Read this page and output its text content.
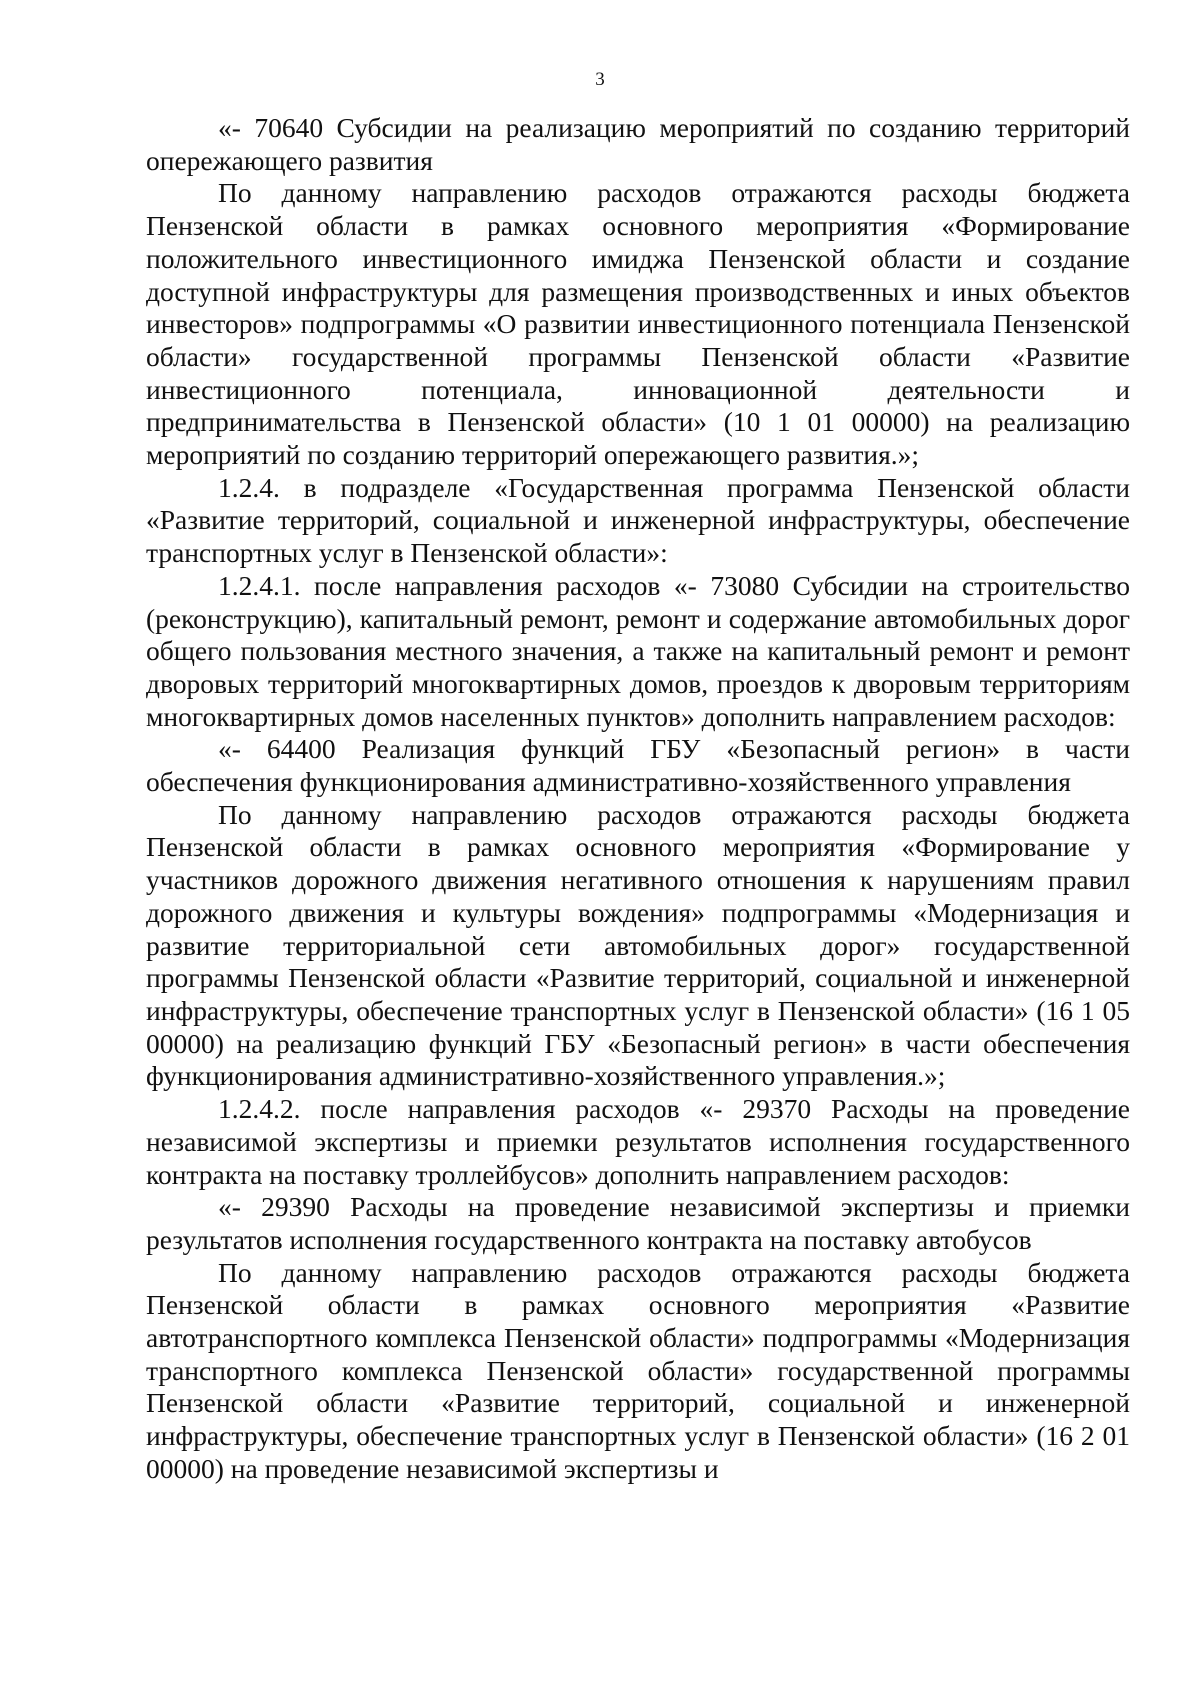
3

«- 70640 Субсидии на реализацию мероприятий по созданию территорий опережающего развития

По данному направлению расходов отражаются расходы бюджета Пензенской области в рамках основного мероприятия «Формирование положительного инвестиционного имиджа Пензенской области и создание доступной инфраструктуры для размещения производственных и иных объектов инвесторов» подпрограммы «О развитии инвестиционного потенциала Пензенской области» государственной программы Пензенской области «Развитие инвестиционного потенциала, инновационной деятельности и предпринимательства в Пензенской области» (10 1 01 00000) на реализацию мероприятий по созданию территорий опережающего развития.»;

1.2.4. в подразделе «Государственная программа Пензенской области «Развитие территорий, социальной и инженерной инфраструктуры, обеспечение транспортных услуг в Пензенской области»:

1.2.4.1. после направления расходов «- 73080 Субсидии на строительство (реконструкцию), капитальный ремонт, ремонт и содержание автомобильных дорог общего пользования местного значения, а также на капитальный ремонт и ремонт дворовых территорий многоквартирных домов, проездов к дворовым территориям многоквартирных домов населенных пунктов» дополнить направлением расходов:

«- 64400 Реализация функций ГБУ «Безопасный регион» в части обеспечения функционирования административно-хозяйственного управления

По данному направлению расходов отражаются расходы бюджета Пензенской области в рамках основного мероприятия «Формирование у участников дорожного движения негативного отношения к нарушениям правил дорожного движения и культуры вождения» подпрограммы «Модернизация и развитие территориальной сети автомобильных дорог» государственной программы Пензенской области «Развитие территорий, социальной и инженерной инфраструктуры, обеспечение транспортных услуг в Пензенской области» (16 1 05 00000) на реализацию функций ГБУ «Безопасный регион» в части обеспечения функционирования административно-хозяйственного управления.»;

1.2.4.2. после направления расходов «- 29370 Расходы на проведение независимой экспертизы и приемки результатов исполнения государственного контракта на поставку троллейбусов» дополнить направлением расходов:

«- 29390 Расходы на проведение независимой экспертизы и приемки результатов исполнения государственного контракта на поставку автобусов

По данному направлению расходов отражаются расходы бюджета Пензенской области в рамках основного мероприятия «Развитие автотранспортного комплекса Пензенской области» подпрограммы «Модернизация транспортного комплекса Пензенской области» государственной программы Пензенской области «Развитие территорий, социальной и инженерной инфраструктуры, обеспечение транспортных услуг в Пензенской области» (16 2 01 00000) на проведение независимой экспертизы и
